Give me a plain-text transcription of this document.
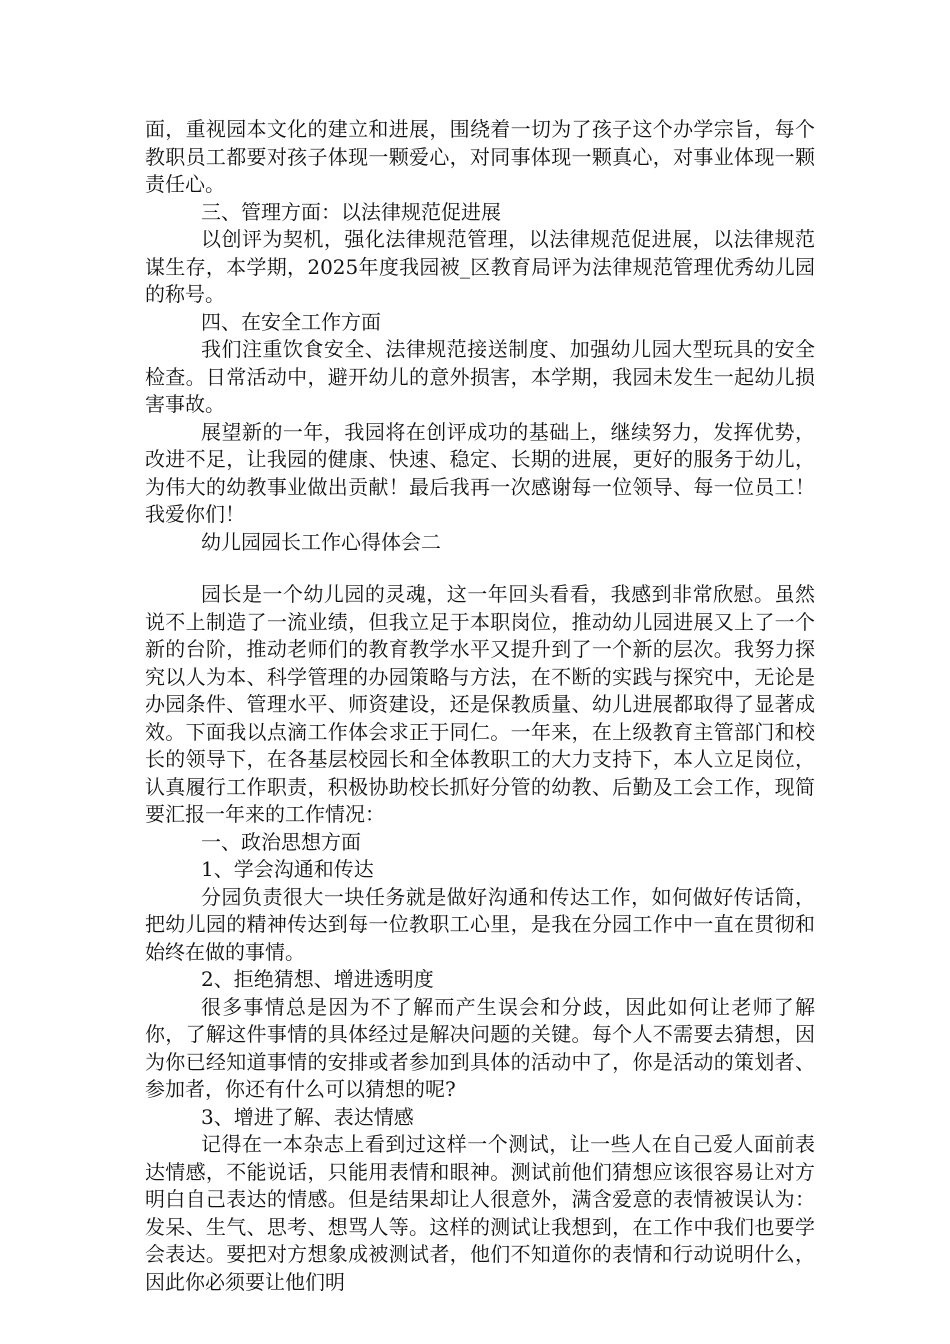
面，重视园本文化的建立和进展，围绕着一切为了孩子这个办学宗旨，每个教职员工都要对孩子体现一颗爱心，对同事体现一颗真心，对事业体现一颗责任心。

三、管理方面：以法律规范促进展

以创评为契机，强化法律规范管理，以法律规范促进展，以法律规范谋生存，本学期，2025年度我园被_区教育局评为法律规范管理优秀幼儿园的称号。

四、在安全工作方面

我们注重饮食安全、法律规范接送制度、加强幼儿园大型玩具的安全检查。日常活动中，避开幼儿的意外损害，本学期，我园未发生一起幼儿损害事故。

展望新的一年，我园将在创评成功的基础上，继续努力，发挥优势，改进不足，让我园的健康、快速、稳定、长期的进展，更好的服务于幼儿，为伟大的幼教事业做出贡献！最后我再一次感谢每一位领导、每一位员工！我爱你们！

幼儿园园长工作心得体会二

园长是一个幼儿园的灵魂，这一年回头看看，我感到非常欣慰。虽然说不上制造了一流业绩，但我立足于本职岗位，推动幼儿园进展又上了一个新的台阶，推动老师们的教育教学水平又提升到了一个新的层次。我努力探究以人为本、科学管理的办园策略与方法，在不断的实践与探究中，无论是办园条件、管理水平、师资建设，还是保教质量、幼儿进展都取得了显著成效。下面我以点滴工作体会求正于同仁。一年来，在上级教育主管部门和校长的领导下，在各基层校园长和全体教职工的大力支持下，本人立足岗位，认真履行工作职责，积极协助校长抓好分管的幼教、后勤及工会工作，现简要汇报一年来的工作情况：

一、政治思想方面

1、学会沟通和传达

分园负责很大一块任务就是做好沟通和传达工作，如何做好传话筒，把幼儿园的精神传达到每一位教职工心里，是我在分园工作中一直在贯彻和始终在做的事情。

2、拒绝猜想、增进透明度

很多事情总是因为不了解而产生误会和分歧，因此如何让老师了解你，了解这件事情的具体经过是解决问题的关键。每个人不需要去猜想，因为你已经知道事情的安排或者参加到具体的活动中了，你是活动的策划者、参加者，你还有什么可以猜想的呢?

3、增进了解、表达情感

记得在一本杂志上看到过这样一个测试，让一些人在自己爱人面前表达情感，不能说话，只能用表情和眼神。测试前他们猜想应该很容易让对方明白自己表达的情感。但是结果却让人很意外，满含爱意的表情被误认为：发呆、生气、思考、想骂人等。这样的测试让我想到，在工作中我们也要学会表达。要把对方想象成被测试者，他们不知道你的表情和行动说明什么，因此你必须要让他们明
